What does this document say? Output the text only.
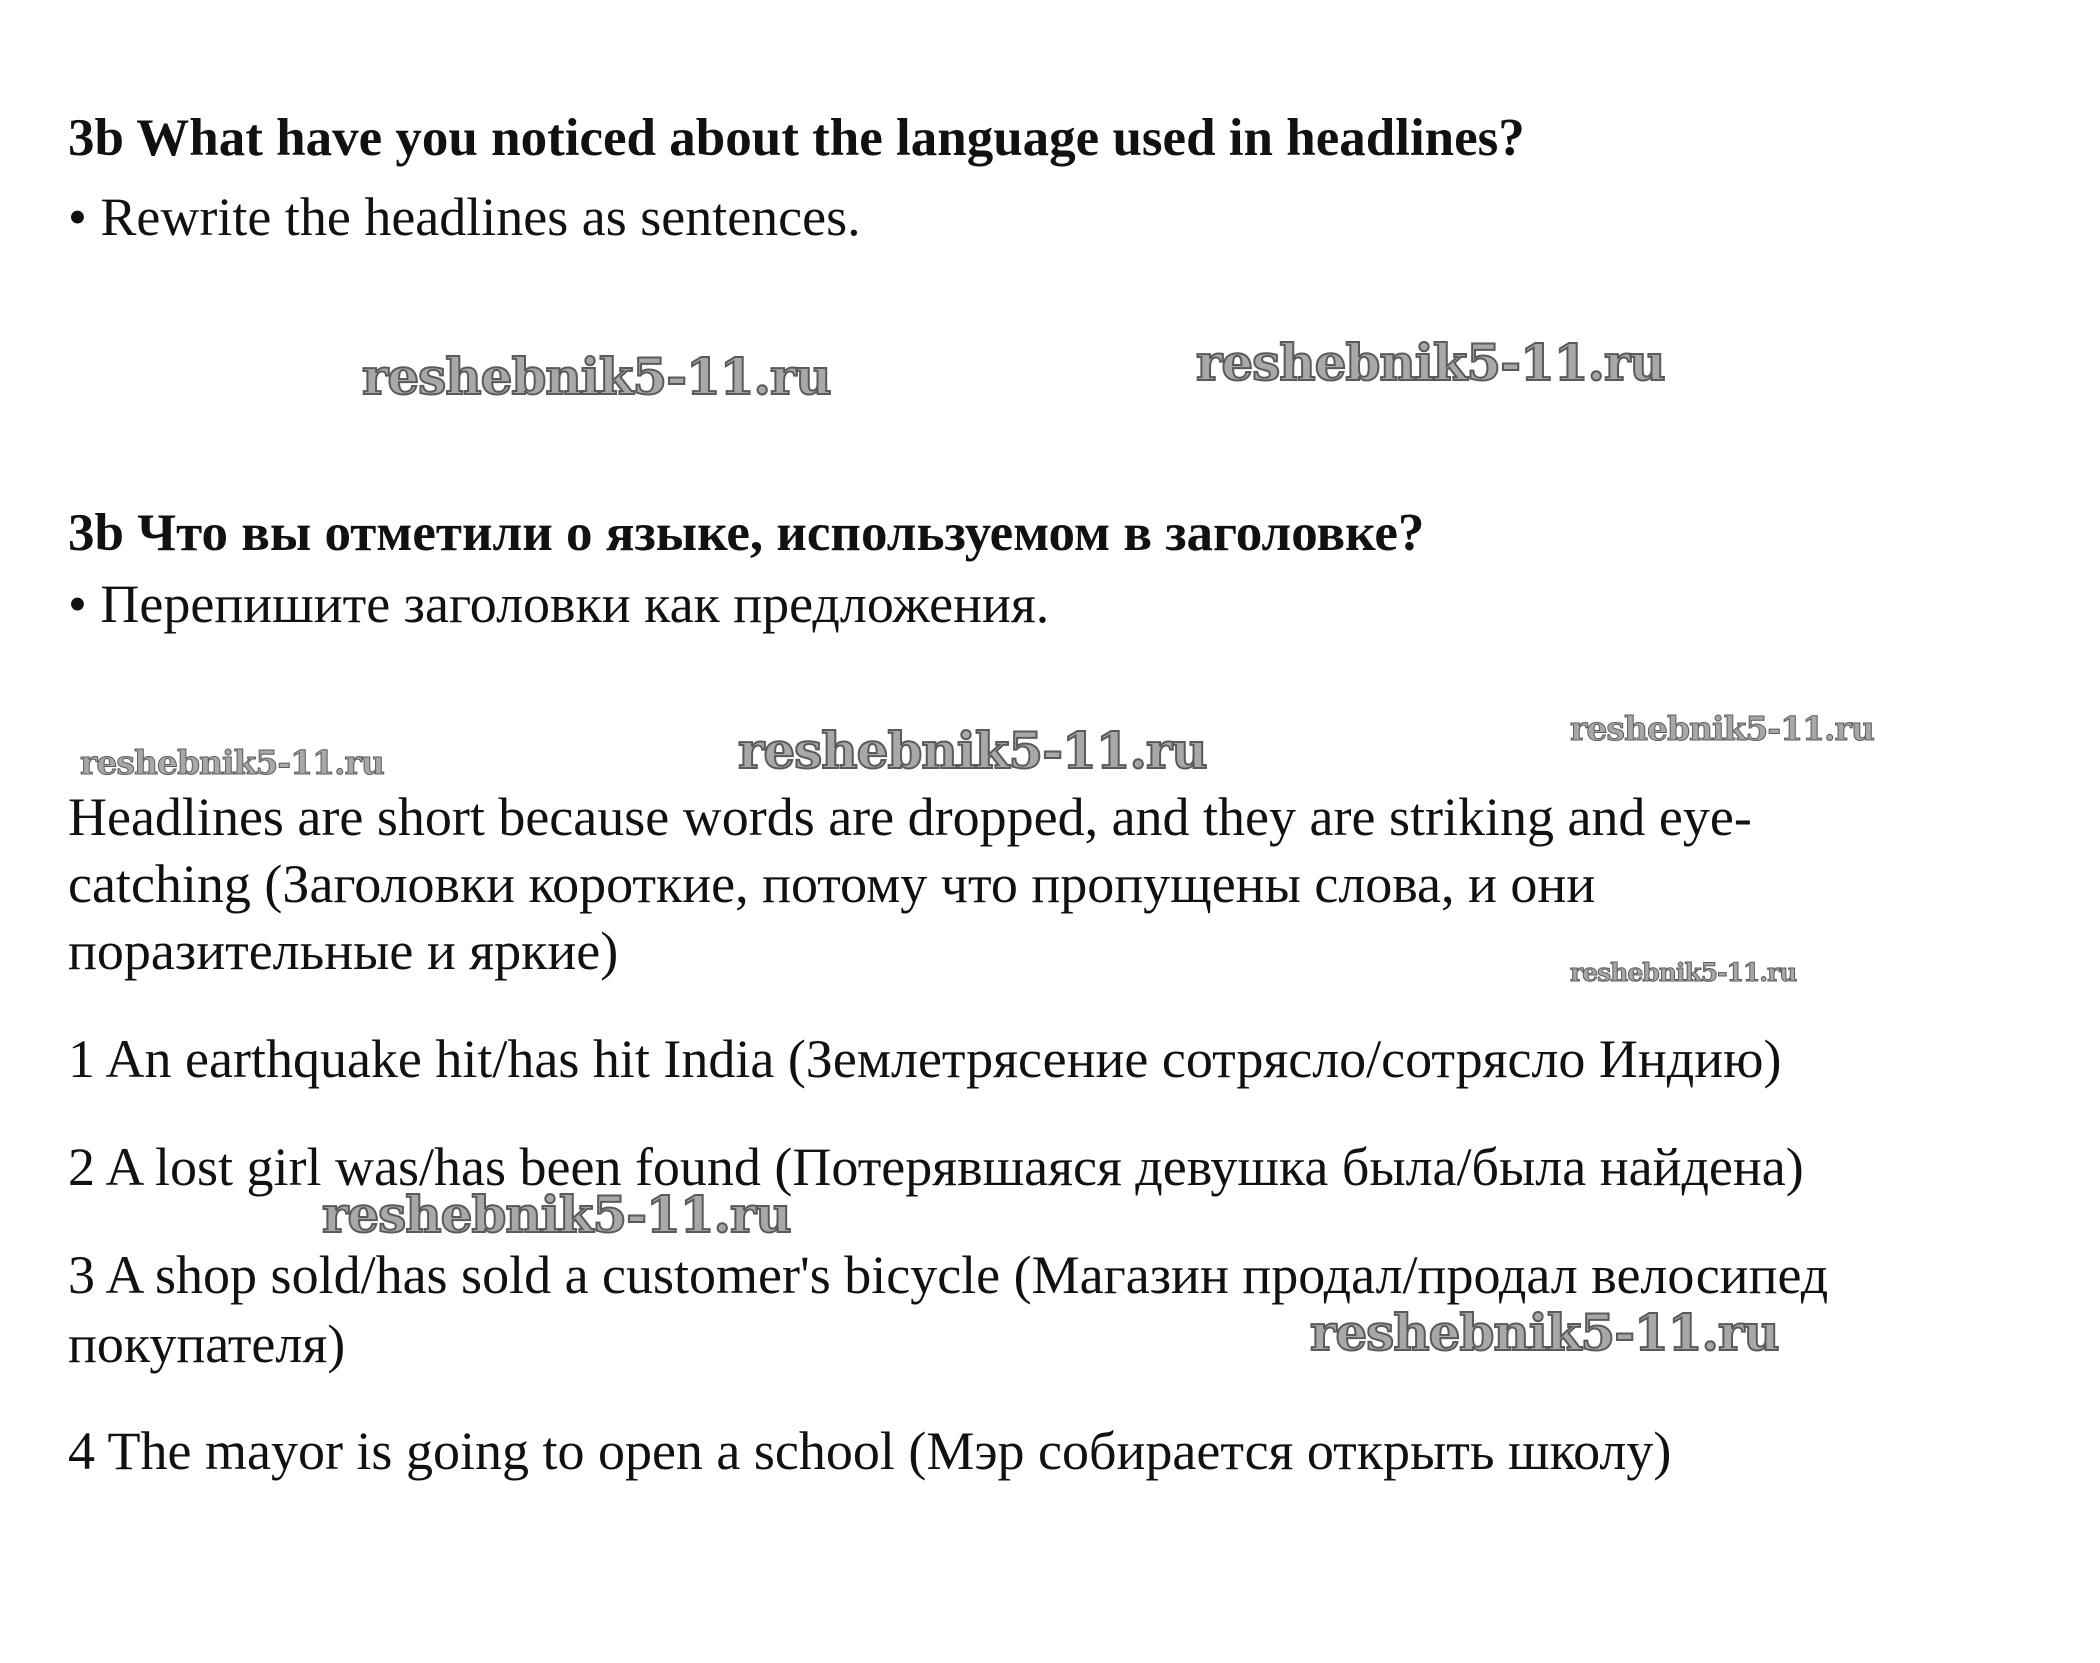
3b What have you noticed about the language used in headlines?
• Rewrite the headlines as sentences.
3b Что вы отметили о языке, используемом в заголовке?
• Перепишите заголовки как предложения.
Headlines are short because words are dropped, and they are striking and eye-
catching (Заголовки короткие, потому что пропущены слова, и они
поразительные и яркие)
1 An earthquake hit/has hit India (Землетрясение сотрясло/сотрясло Индию)
2 A lost girl was/has been found (Потерявшаяся девушка была/была найдена)
3 A shop sold/has sold a customer's bicycle (Магазин продал/продал велосипед
покупателя)
4 The mayor is going to open a school (Мэр собирается открыть школу)
reshebnik5-11.ru	reshebnik5-11.ru
reshebnik5-11.ru	reshebnik5-11.ru	reshebnik5-11.ru
reshebnik5-11.ru
reshebnik5-11.ru
reshebnik5-11.ru
